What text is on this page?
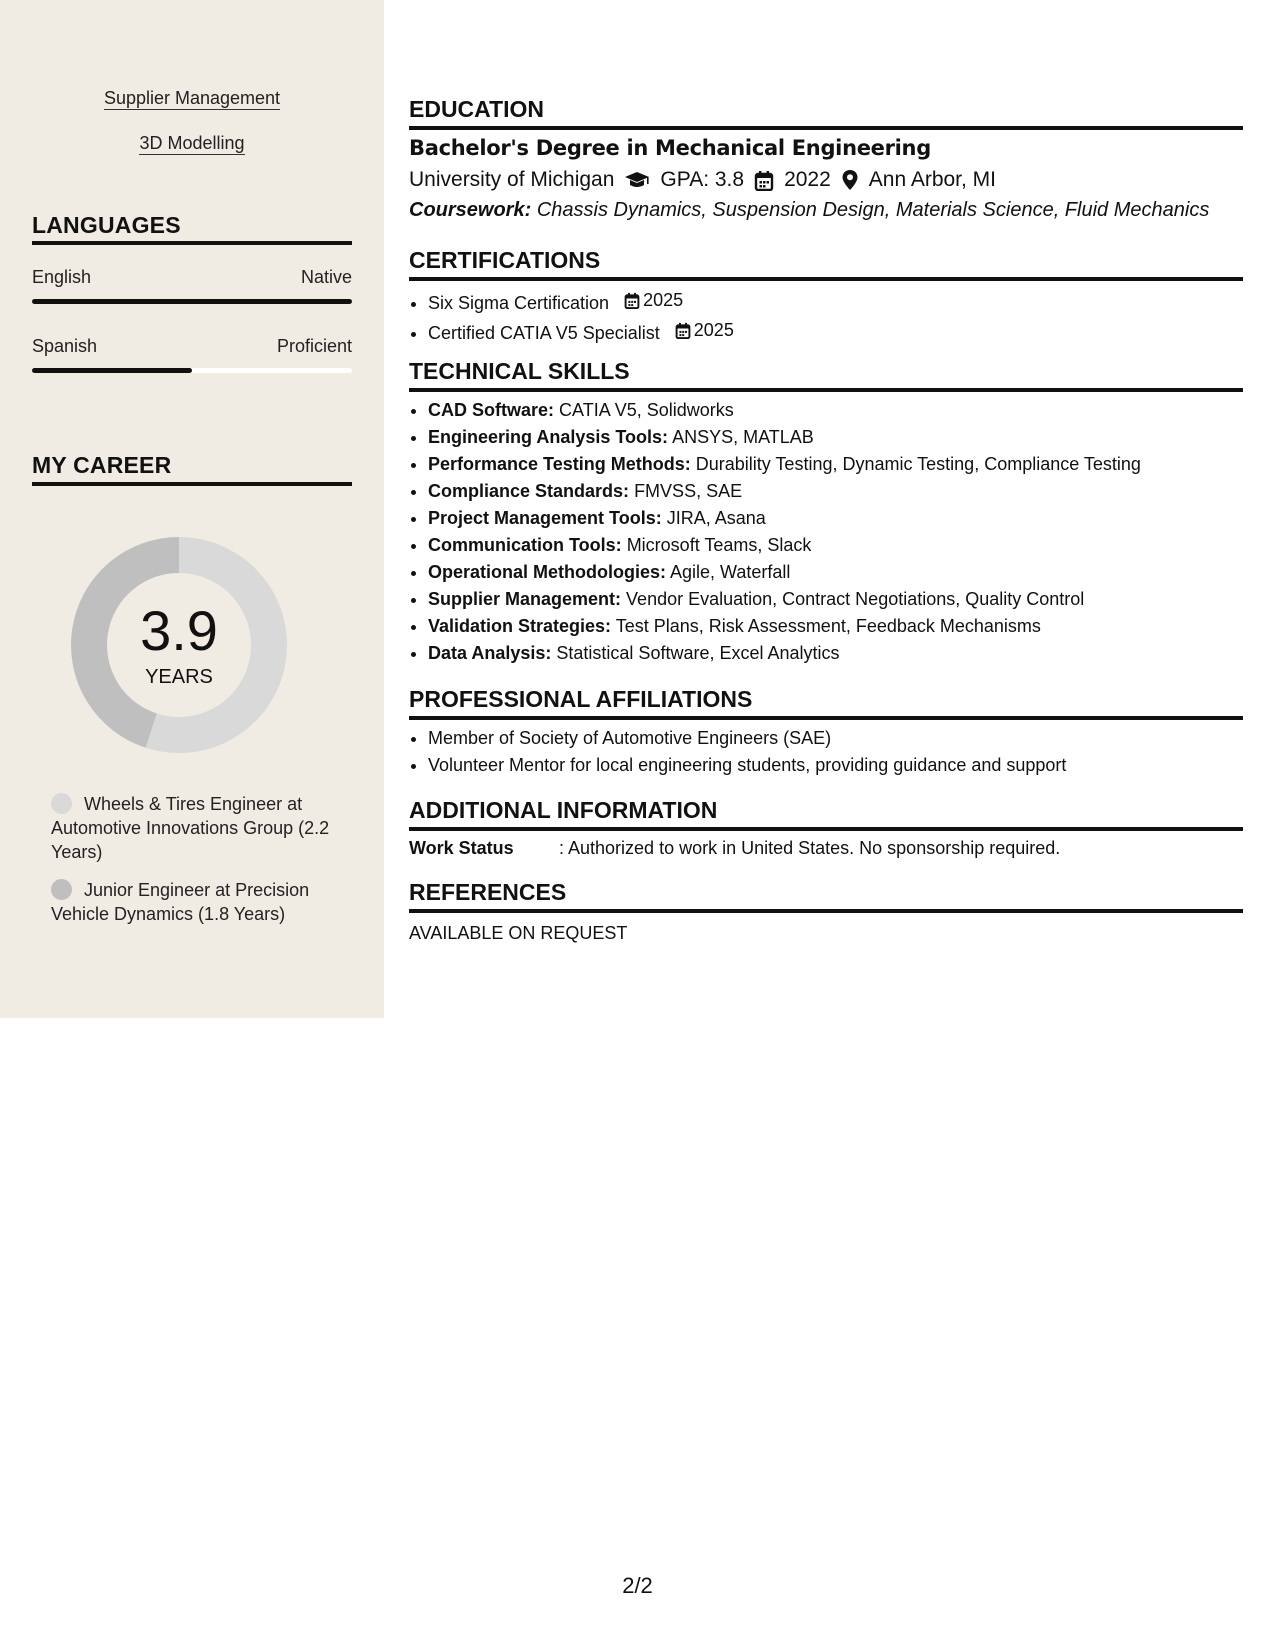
Supplier Management
3D Modelling
LANGUAGES
English	Native
Spanish	Proficient
MY CAREER
3.9
YEARS
Wheels & Tires Engineer at Automotive Innovations Group (2.2 Years)
Junior Engineer at Precision Vehicle Dynamics (1.8 Years)
EDUCATION
Bachelor's Degree in Mechanical Engineering
University of Michigan GPA: 3.8 2022 Ann Arbor, MI
Coursework: Chassis Dynamics, Suspension Design, Materials Science, Fluid Mechanics
CERTIFICATIONS
• Six Sigma Certification 2025
• Certified CATIA V5 Specialist 2025
TECHNICAL SKILLS
• CAD Software: CATIA V5, Solidworks
• Engineering Analysis Tools: ANSYS, MATLAB
• Performance Testing Methods: Durability Testing, Dynamic Testing, Compliance Testing
• Compliance Standards: FMVSS, SAE
• Project Management Tools: JIRA, Asana
• Communication Tools: Microsoft Teams, Slack
• Operational Methodologies: Agile, Waterfall
• Supplier Management: Vendor Evaluation, Contract Negotiations, Quality Control
• Validation Strategies: Test Plans, Risk Assessment, Feedback Mechanisms
• Data Analysis: Statistical Software, Excel Analytics
PROFESSIONAL AFFILIATIONS
• Member of Society of Automotive Engineers (SAE)
• Volunteer Mentor for local engineering students, providing guidance and support
ADDITIONAL INFORMATION
Work Status	: Authorized to work in United States. No sponsorship required.
REFERENCES
AVAILABLE ON REQUEST
2/2
